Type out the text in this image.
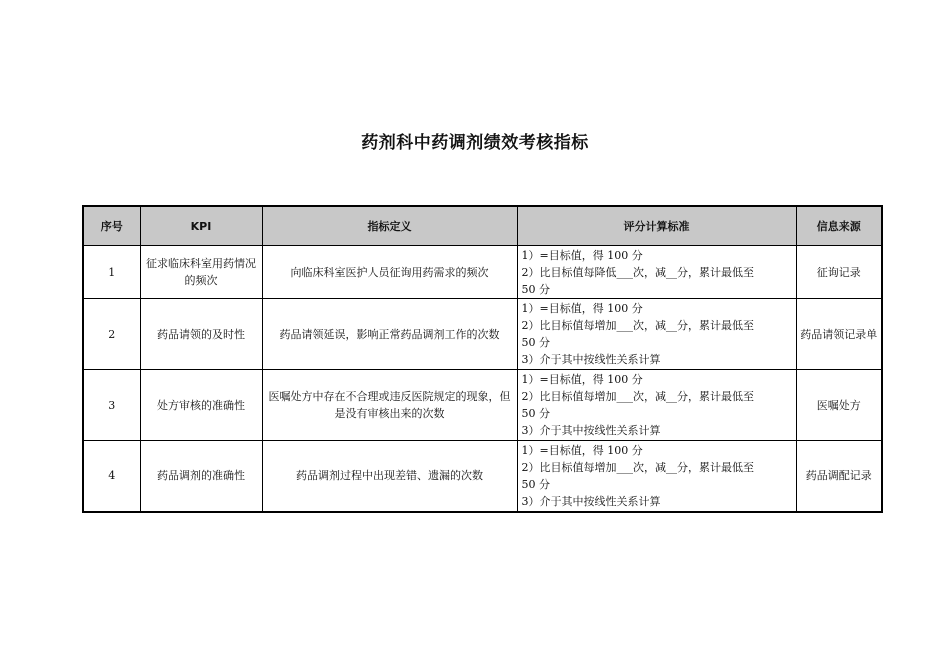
药剂科中药调剂绩效考核指标
序号	KPI	指标定义	评分计算标准	信息来源
1	征求临床科室用药情况的频次	向临床科室医护人员征询用药需求的频次	1）=目标值，得 100 分
2）比目标值每降低___次，减__分，累计最低至
50 分	征询记录
2	药品请领的及时性	药品请领延误，影响正常药品调剂工作的次数	1）=目标值，得 100 分
2）比目标值每增加___次，减__分，累计最低至
50 分
3）介于其中按线性关系计算	药品请领记录单
3	处方审核的准确性	医嘱处方中存在不合理或违反医院规定的现象，但是没有审核出来的次数	1）=目标值，得 100 分
2）比目标值每增加___次，减__分，累计最低至
50 分
3）介于其中按线性关系计算	医嘱处方
4	药品调剂的准确性	药品调剂过程中出现差错、遗漏的次数	1）=目标值，得 100 分
2）比目标值每增加___次，减__分，累计最低至
50 分
3）介于其中按线性关系计算	药品调配记录
